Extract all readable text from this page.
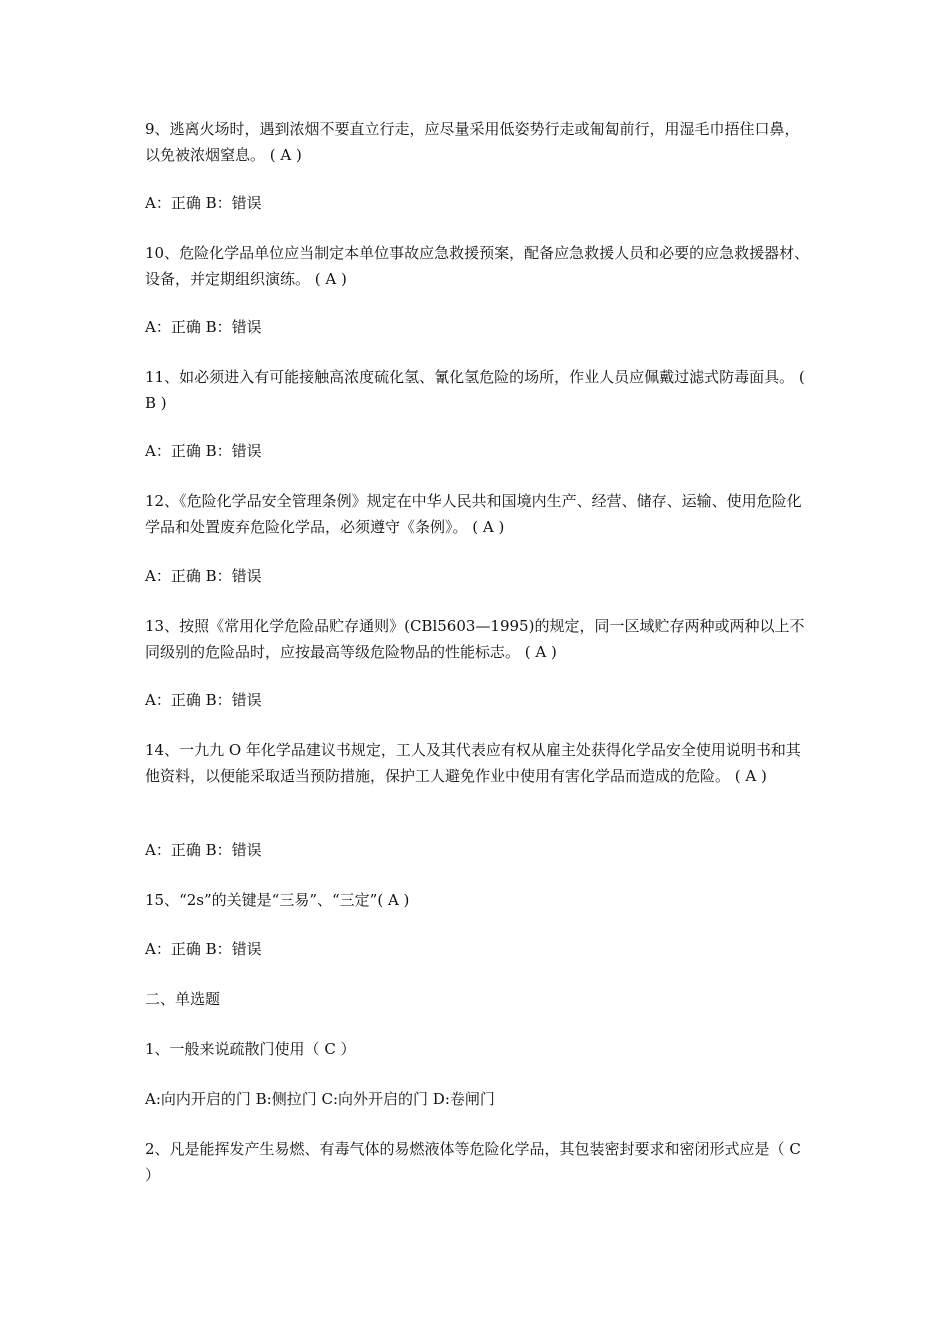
9、逃离火场时，遇到浓烟不要直立行走，应尽量采用低姿势行走或匍匐前行，用湿毛巾捂住口鼻，以免被浓烟窒息。 ( A )
A：正确 B：错误
10、危险化学品单位应当制定本单位事故应急救援预案，配备应急救援人员和必要的应急救援器材、设备，并定期组织演练。 ( A )
A：正确 B：错误
11、如必须进入有可能接触高浓度硫化氢、氰化氢危险的场所，作业人员应佩戴过滤式防毒面具。 ( B )
A：正确 B：错误
12、《危险化学品安全管理条例》规定在中华人民共和国境内生产、经营、储存、运输、使用危险化学品和处置废弃危险化学品，必须遵守《条例》。 ( A )
A：正确 B：错误
13、按照《常用化学危险品贮存通则》(CBl5603—1995)的规定，同一区域贮存两种或两种以上不同级别的危险品时，应按最高等级危险物品的性能标志。 ( A )
A：正确 B：错误
14、一九九 O 年化学品建议书规定，工人及其代表应有权从雇主处获得化学品安全使用说明书和其他资料，以便能采取适当预防措施，保护工人避免作业中使用有害化学品而造成的危险。 ( A )
A：正确 B：错误
15、“2s”的关键是“三易”、“三定”( A )
A：正确 B：错误
二、单选题
1、一般来说疏散门使用（ C ）
A:向内开启的门 B:侧拉门 C:向外开启的门 D:卷闸门
2、凡是能挥发产生易燃、有毒气体的易燃液体等危险化学品，其包装密封要求和密闭形式应是（ C ）
